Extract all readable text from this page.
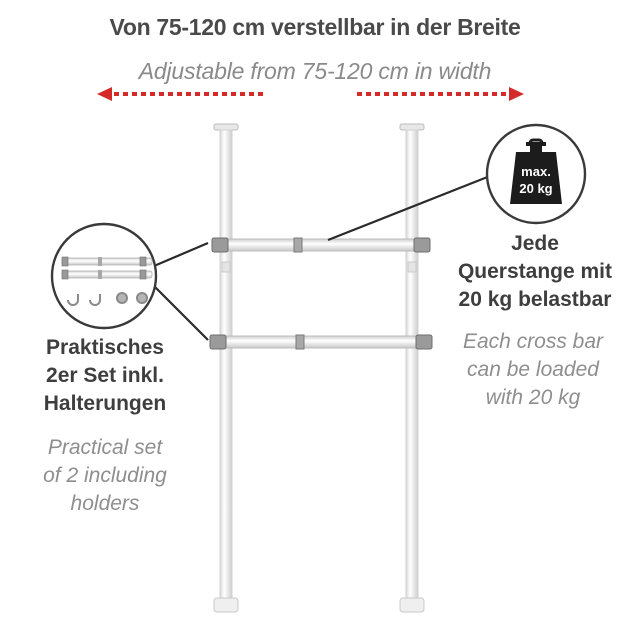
Von 75-120 cm verstellbar in der Breite
Adjustable from 75-120 cm in width
max.
20 kg
Jede
Querstange mit
20 kg belastbar
Each cross bar
can be loaded
with 20 kg
Praktisches
2er Set inkl.
Halterungen
Practical set
of 2 including
holders
